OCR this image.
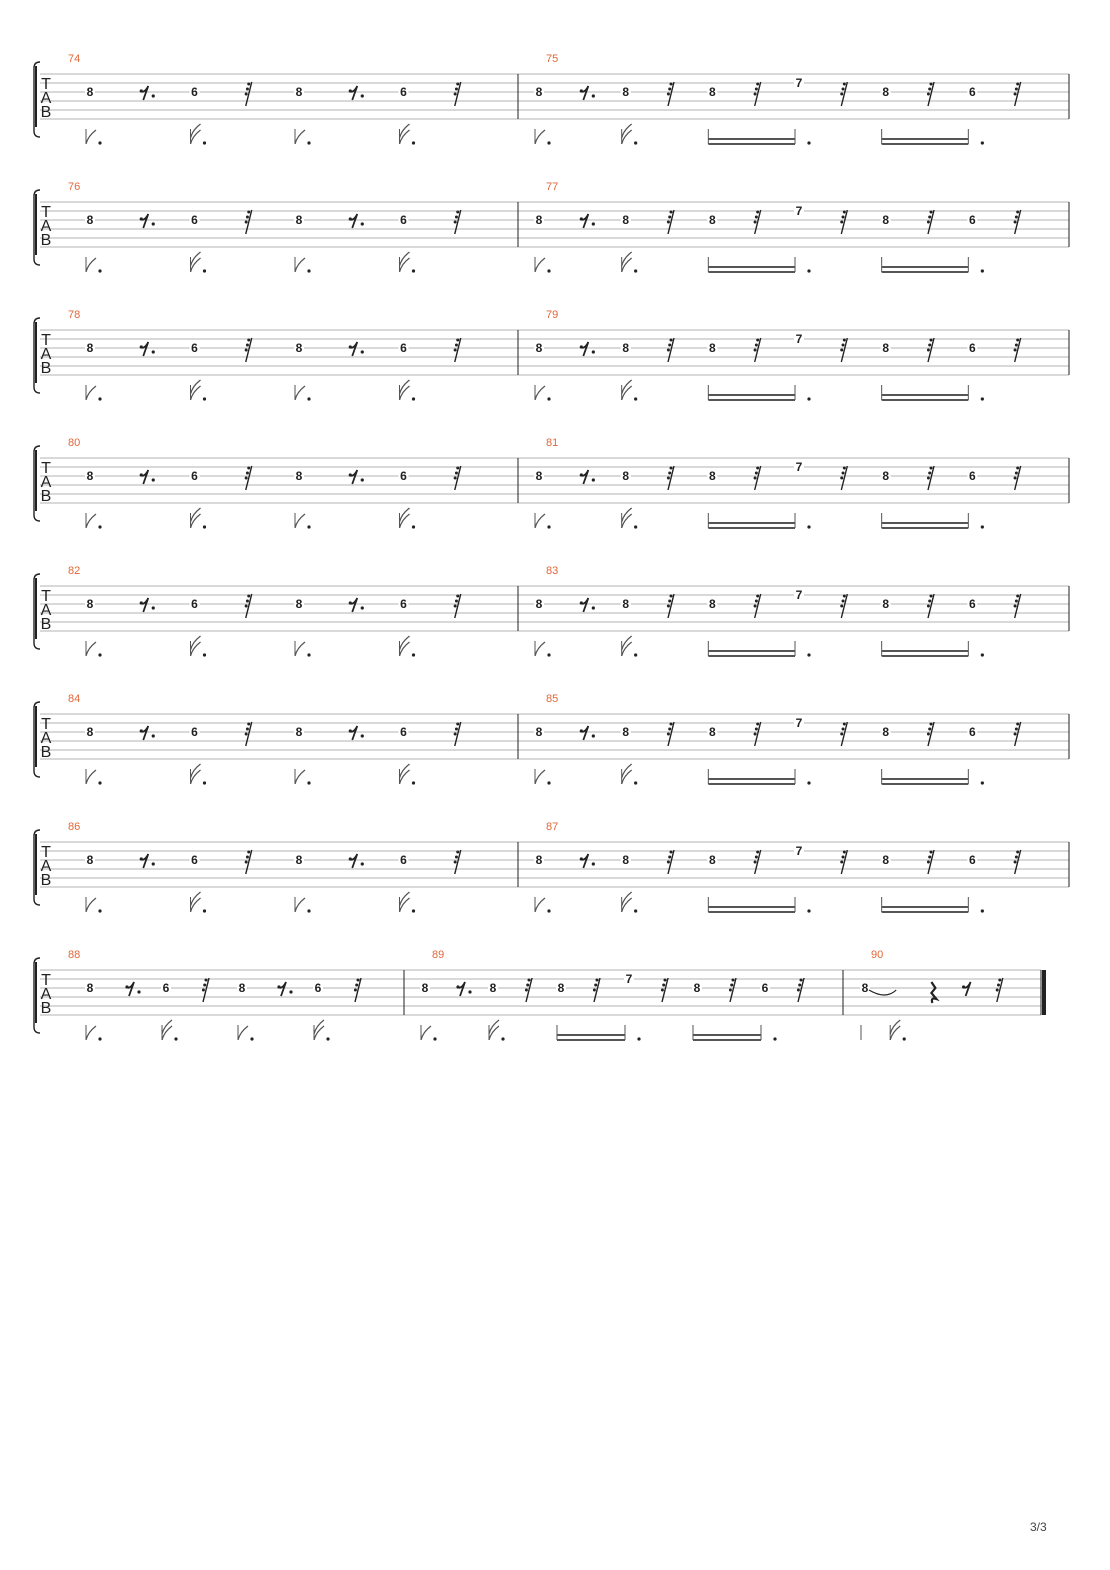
T
A
B
74
8	6	8	6
75
8	8	8
7
8	6
T
A
B
76
8	6	8	6
77
8	8	8
7
8	6
T
A
B
78
8	6	8	6
79
8	8	8
7
8	6
T
A
B
80
8	6	8	6
81
8	8	8
7
8	6
T
A
B
82
8	6	8	6
83
8	8	8
7
8	6
T
A
B
84
8	6	8	6
85
8	8	8
7
8	6
T
A
B
86
8	6	8	6
87
8	8	8
7
8	6
T
A
B
88
8	6	8	6
89
8	8	8
7
8	6
90
8
3/3
